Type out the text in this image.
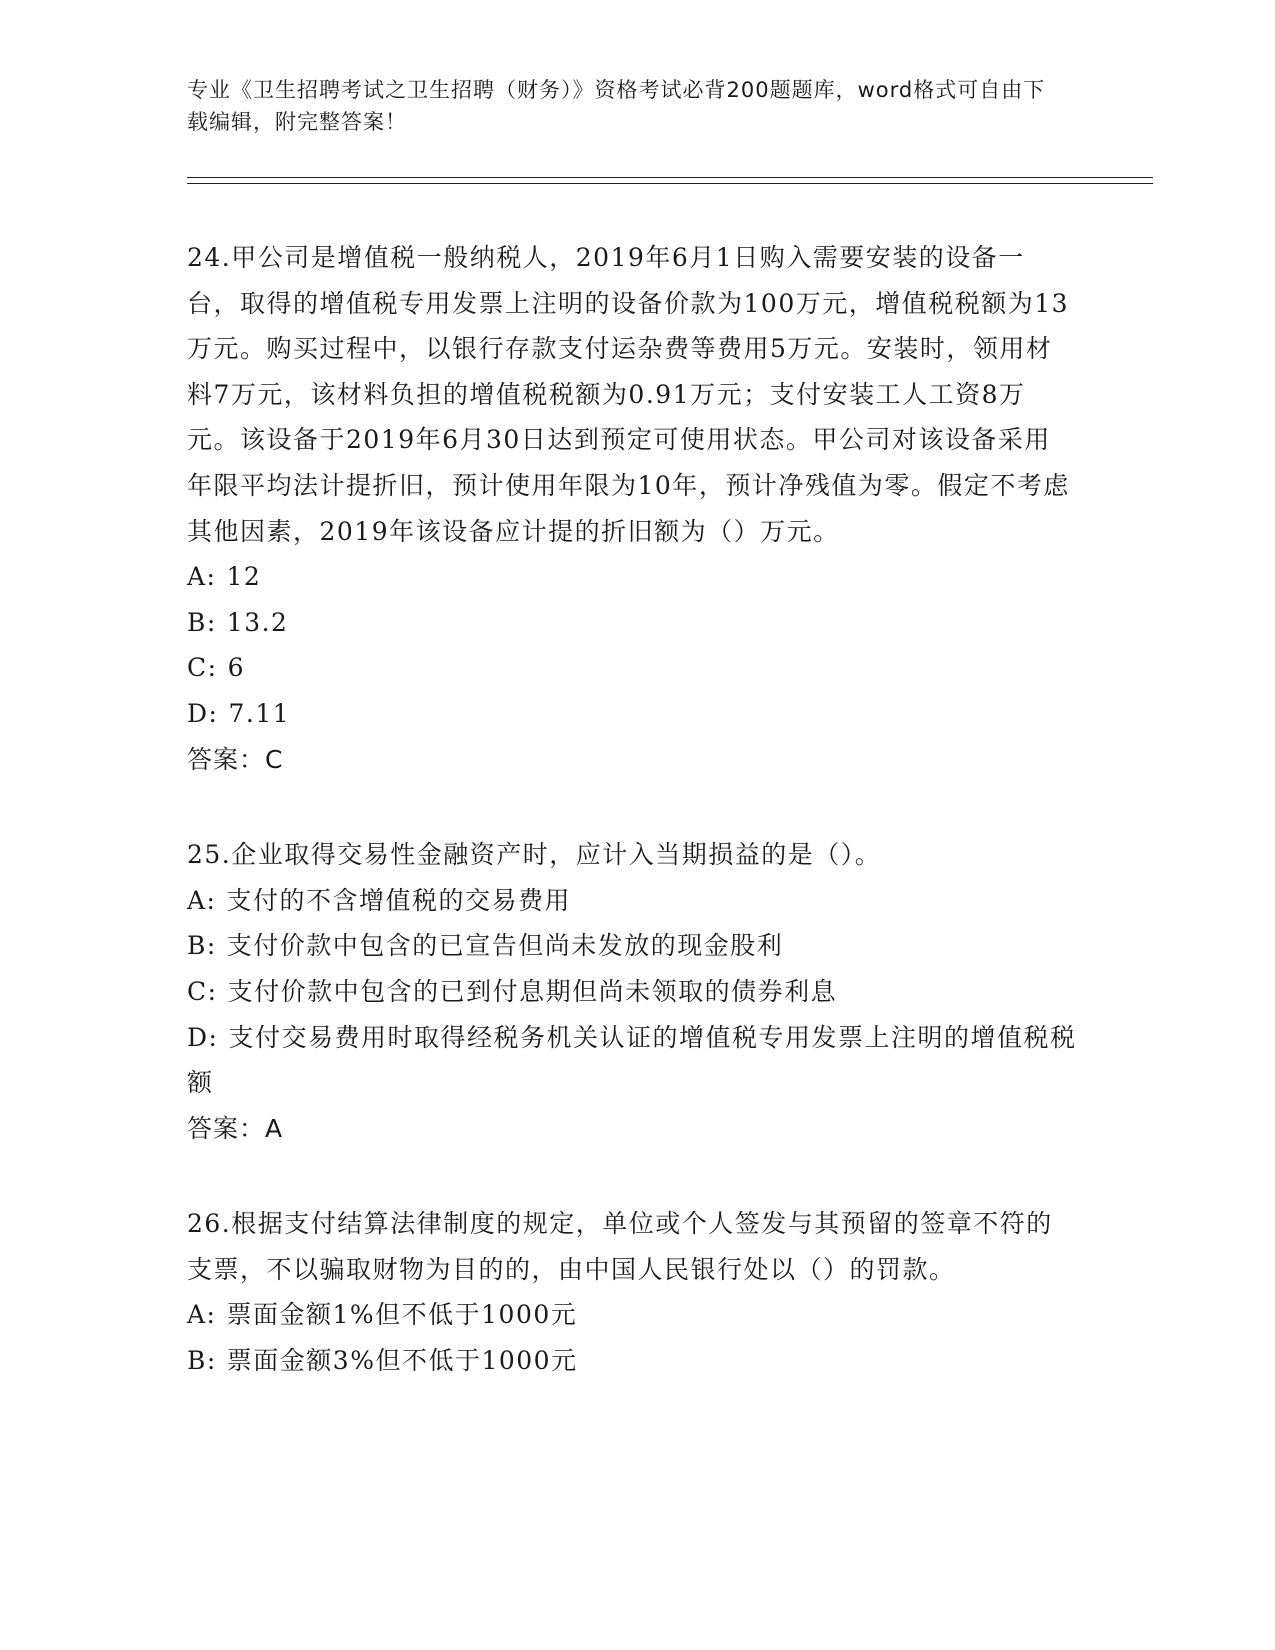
专业《卫生招聘考试之卫生招聘（财务）》资格考试必背200题题库，word格式可自由下载编辑，附完整答案！

24.甲公司是增值税一般纳税人，2019年6月1日购入需要安装的设备一台，取得的增值税专用发票上注明的设备价款为100万元，增值税税额为13万元。购买过程中，以银行存款支付运杂费等费用5万元。安装时，领用材料7万元，该材料负担的增值税税额为0.91万元；支付安装工人工资8万元。该设备于2019年6月30日达到预定可使用状态。甲公司对该设备采用年限平均法计提折旧，预计使用年限为10年，预计净残值为零。假定不考虑其他因素，2019年该设备应计提的折旧额为（）万元。

A: 12

B: 13.2

C: 6

D: 7.11

答案：C

25.企业取得交易性金融资产时，应计入当期损益的是（）。

A: 支付的不含增值税的交易费用

B: 支付价款中包含的已宣告但尚未发放的现金股利

C: 支付价款中包含的已到付息期但尚未领取的债券利息

D: 支付交易费用时取得经税务机关认证的增值税专用发票上注明的增值税税额

答案：A

26.根据支付结算法律制度的规定，单位或个人签发与其预留的签章不符的支票，不以骗取财物为目的的，由中国人民银行处以（）的罚款。

A: 票面金额1%但不低于1000元

B: 票面金额3%但不低于1000元
